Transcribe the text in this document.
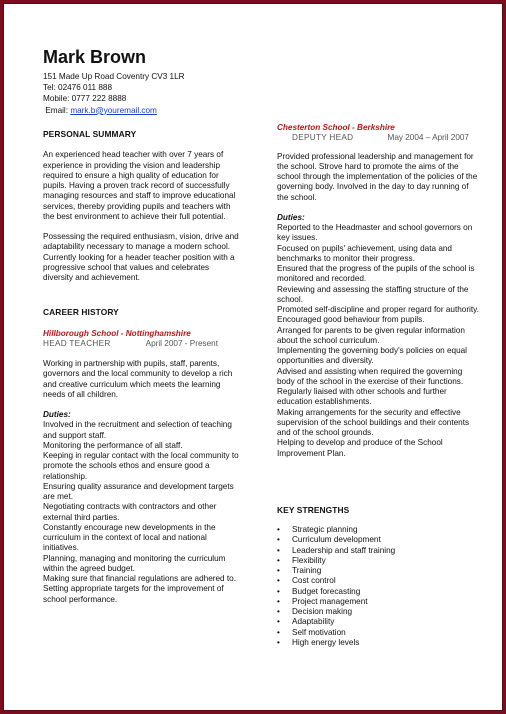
Mark Brown
151 Made Up Road Coventry CV3 1LR
Tel: 02476 011 888
Mobile: 0777 222 8888
Email: mark.b@youremail.com
PERSONAL SUMMARY

An experienced head teacher with over 7 years of experience in providing the vision and leadership required to ensure a high quality of education for pupils. Having a proven track record of successfully managing resources and staff to improve educational services, thereby providing pupils and teachers with the best environment to achieve their full potential.

Possessing the required enthusiasm, vision, drive and adaptability necessary to manage a modern school. Currently looking for a header teacher position with a progressive school that values and celebrates diversity and achievement.

CAREER HISTORY
Hillborough School - Nottinghamshire
HEAD TEACHER	April 2007 - Present

Working in partnership with pupils, staff, parents, governors and the local community to develop a rich and creative curriculum which meets the learning needs of all children.

Duties:
Involved in the recruitment and selection of teaching and support staff.
Monitoring the performance of all staff.
Keeping in regular contact with the local community to promote the schools ethos and ensure good a relationship.
Ensuring quality assurance and development targets are met.
Negotiating contracts with contractors and other external third parties.
Constantly encourage new developments in the curriculum in the context of local and national initiatives.
Planning, managing and monitoring the curriculum within the agreed budget.
Making sure that financial regulations are adhered to.
Setting appropriate targets for the improvement of school performance.
Chesterton School - Berkshire
DEPUTY HEAD	May 2004 – April 2007

Provided professional leadership and management for the school. Strove hard to promote the aims of the school through the implementation of the policies of the governing body. Involved in the day to day running of the school.

Duties:
Reported to the Headmaster and school governors on key issues.
Focused on pupils' achievement, using data and benchmarks to monitor their progress.
Ensured that the progress of the pupils of the school is monitored and recorded.
Reviewing and assessing the staffing structure of the school.
Promoted self-discipline and proper regard for authority.
Encouraged good behaviour from pupils.
Arranged for parents to be given regular information about the school curriculum.
Implementing the governing body's policies on equal opportunities and diversity.
Advised and assisting when required the governing body of the school in the exercise of their functions.
Regularly liaised with other schools and further education establishments.
Making arrangements for the security and effective supervision of the school buildings and their contents and of the school grounds.
Helping to develop and produce of the School Improvement Plan.
KEY STRENGTHS
• Strategic planning
• Curriculum development
• Leadership and staff training
• Flexibility
• Training
• Cost control
• Budget forecasting
• Project management
• Decision making
• Adaptability
• Self motivation
• High energy levels
